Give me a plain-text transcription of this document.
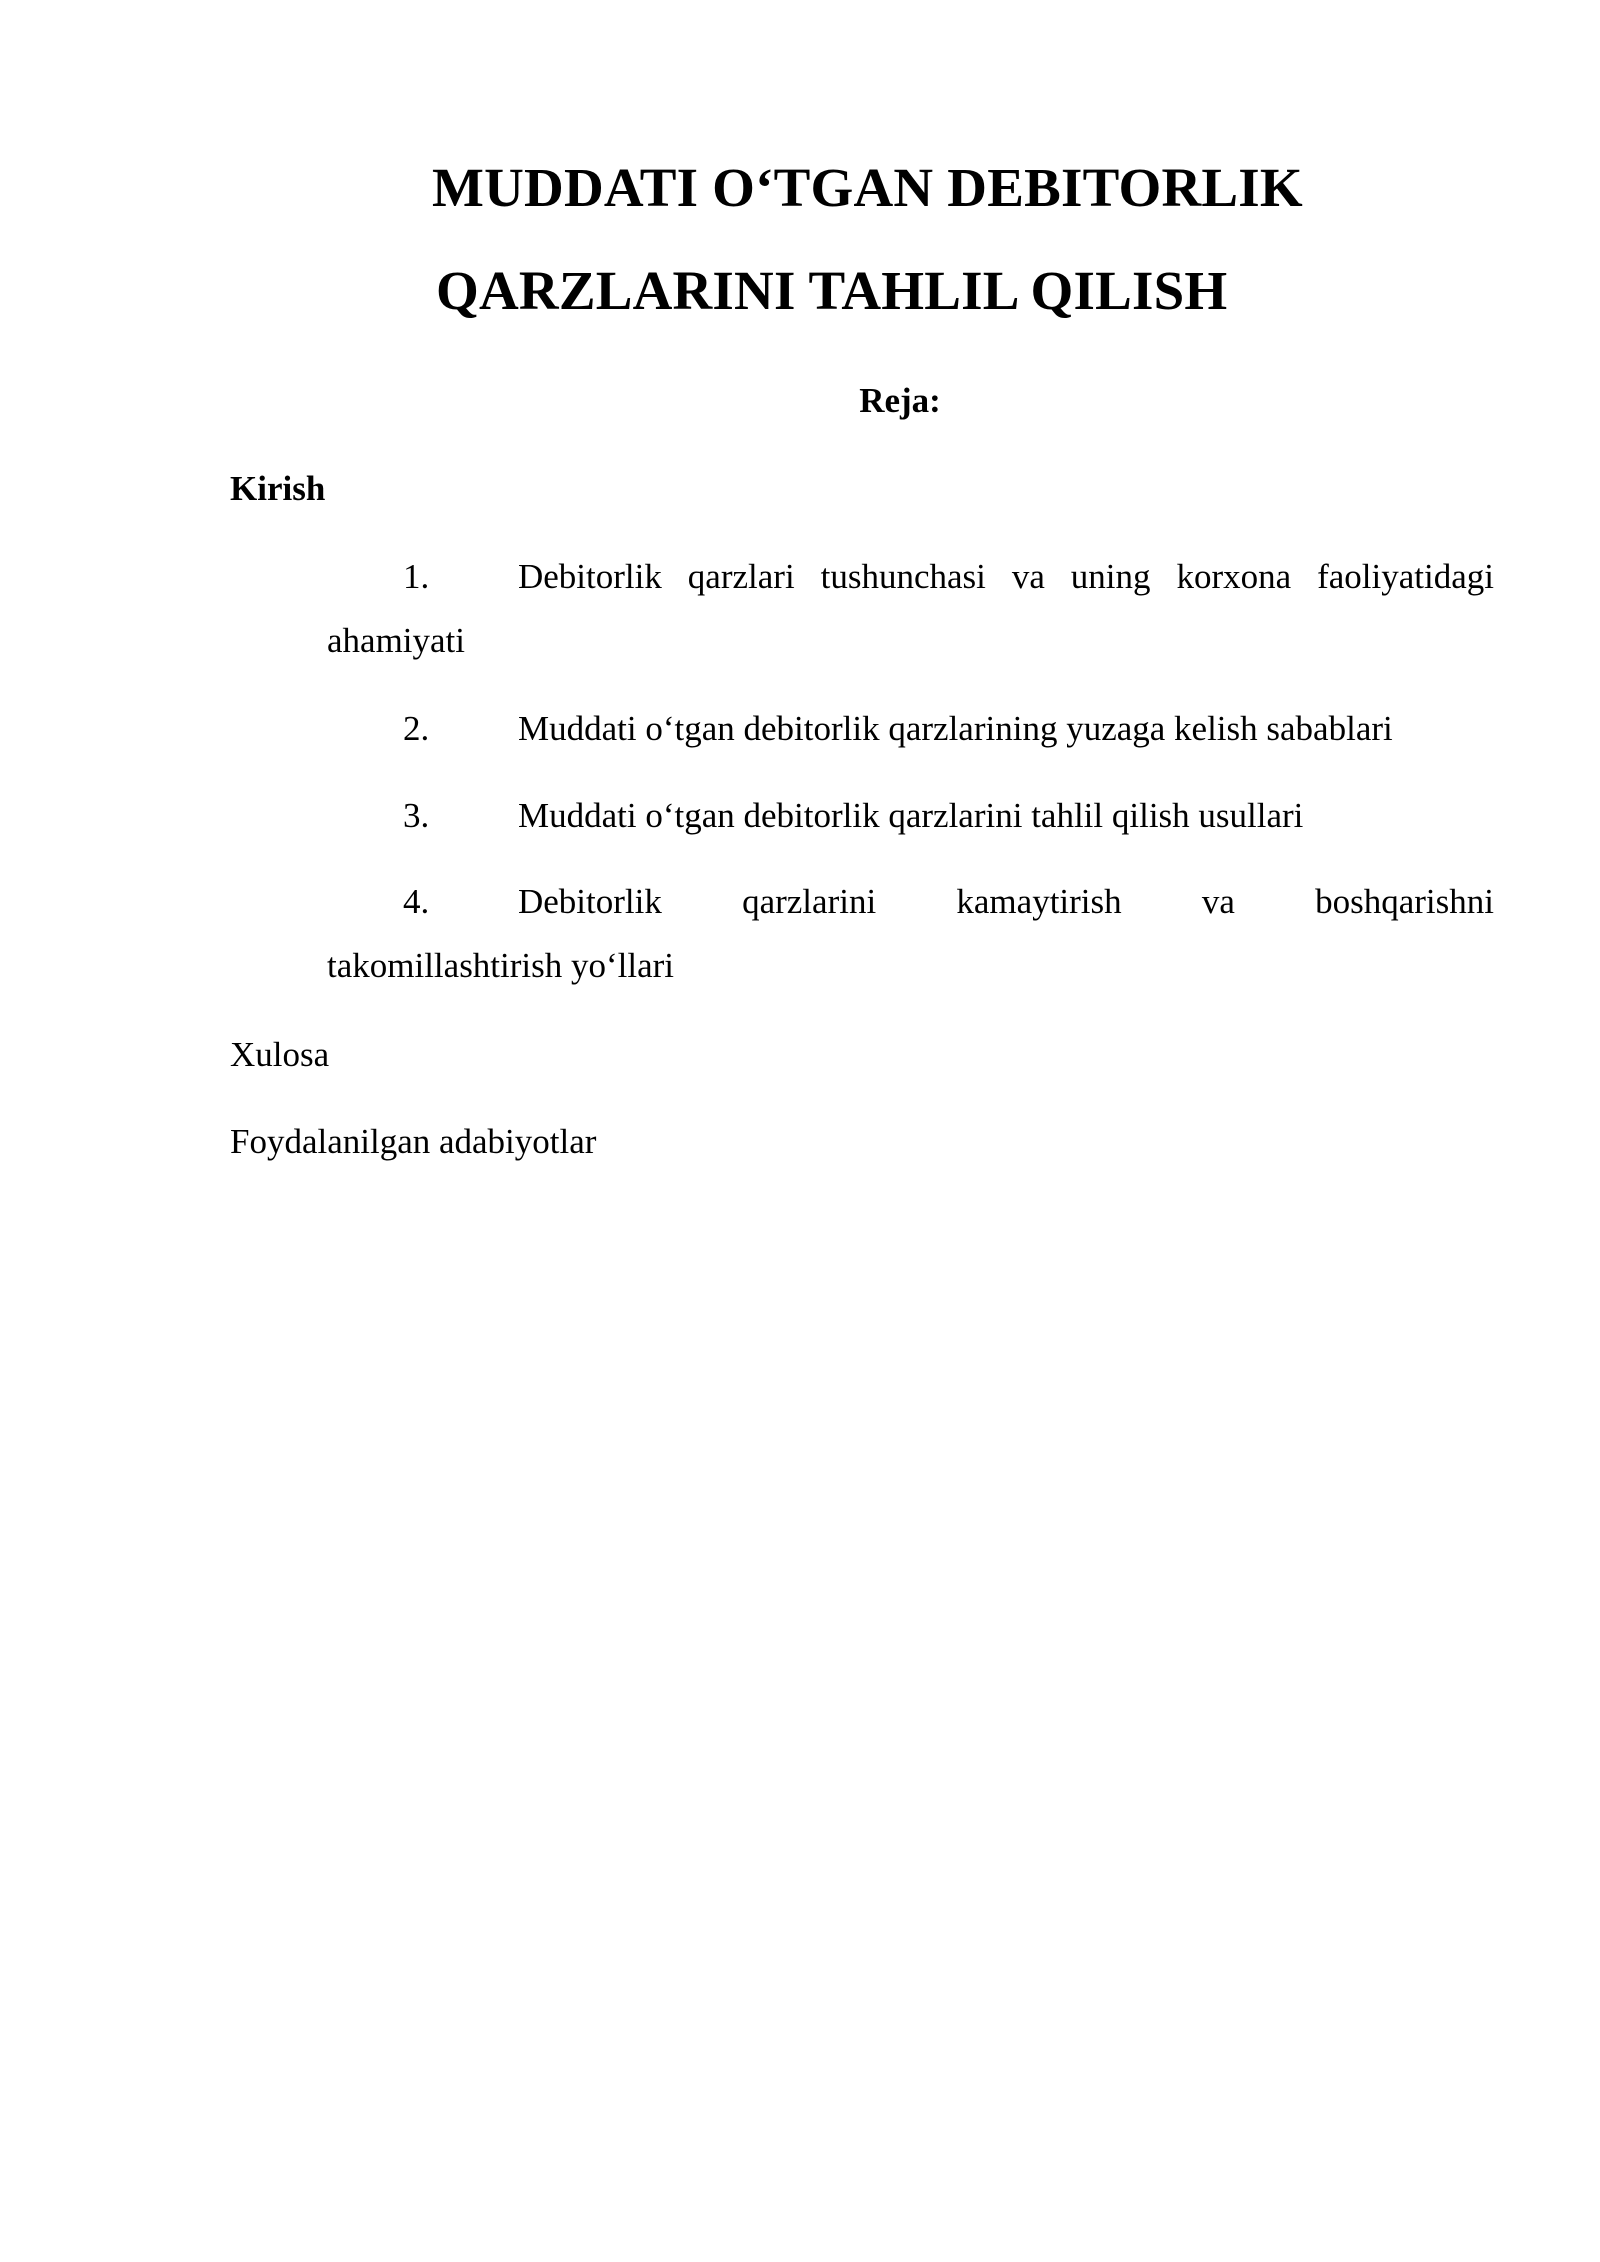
MUDDATI O‘TGAN DEBITORLIK
QARZLARINI TAHLIL QILISH
Reja:
Kirish
1.	Debitorlik qarzlari tushunchasi va uning korxona faoliyatidagi
ahamiyati
2.	Muddati o‘tgan debitorlik qarzlarining yuzaga kelish sabablari
3.	Muddati o‘tgan debitorlik qarzlarini tahlil qilish usullari
4.	Debitorlik qarzlarini kamaytirish va boshqarishni
takomillashtirish yo‘llari
Xulosa
Foydalanilgan adabiyotlar
